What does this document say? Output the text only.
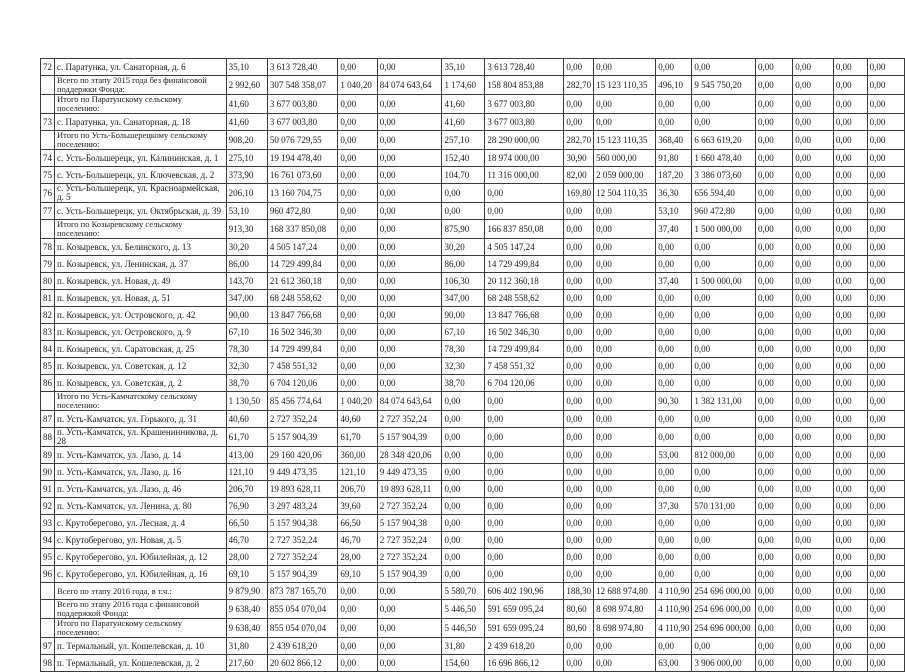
72	с. Паратунка, ул. Санаторная, д. 6	35,10	3 613 728,40	0,00	0,00	35,10	3 613 728,40	0,00	0,00	0,00	0,00	0,00	0,00	0,00	0,00
	Всего по этапу 2015 года без финансовой поддержки Фонда:	2 992,60	307 548 358,07	1 040,20	84 074 643,64	1 174,60	158 804 853,88	282,70	15 123 110,35	496,10	9 545 750,20	0,00	0,00	0,00	0,00
	Итого по Паратунскому сельскому поселению:	41,60	3 677 003,80	0,00	0,00	41,60	3 677 003,80	0,00	0,00	0,00	0,00	0,00	0,00	0,00	0,00
73	с. Паратунка, ул. Санаторная, д. 18	41,60	3 677 003,80	0,00	0,00	41,60	3 677 003,80	0,00	0,00	0,00	0,00	0,00	0,00	0,00	0,00
	Итого по Усть-Большерецкому сельскому поселению:	908,20	50 076 729,55	0,00	0,00	257,10	28 290 000,00	282,70	15 123 110,35	368,40	6 663 619,20	0,00	0,00	0,00	0,00
74	с. Усть-Большерецк, ул. Калининская, д. 1	275,10	19 194 478,40	0,00	0,00	152,40	18 974 000,00	30,90	560 000,00	91,80	1 660 478,40	0,00	0,00	0,00	0,00
75	с. Усть-Большерецк, ул. Ключевская, д. 2	373,90	16 761 073,60	0,00	0,00	104,70	11 316 000,00	82,00	2 059 000,00	187,20	3 386 073,60	0,00	0,00	0,00	0,00
76	с. Усть-Большерецк, ул. Красноармейская, д. 5	206,10	13 160 704,75	0,00	0,00	0,00	0,00	169,80	12 504 110,35	36,30	656 594,40	0,00	0,00	0,00	0,00
77	с. Усть-Большерецк, ул. Октябрьская, д. 39	53,10	960 472,80	0,00	0,00	0,00	0,00	0,00	0,00	53,10	960 472,80	0,00	0,00	0,00	0,00
	Итого по Козыревскому сельскому поселению:	913,30	168 337 850,08	0,00	0,00	875,90	166 837 850,08	0,00	0,00	37,40	1 500 000,00	0,00	0,00	0,00	0,00
78	п. Козыревск, ул. Белинского, д. 13	30,20	4 505 147,24	0,00	0,00	30,20	4 505 147,24	0,00	0,00	0,00	0,00	0,00	0,00	0,00	0,00
79	п. Козыревск, ул. Ленинская, д. 37	86,00	14 729 499,84	0,00	0,00	86,00	14 729 499,84	0,00	0,00	0,00	0,00	0,00	0,00	0,00	0,00
80	п. Козыревск, ул. Новая, д. 49	143,70	21 612 360,18	0,00	0,00	106,30	20 112 360,18	0,00	0,00	37,40	1 500 000,00	0,00	0,00	0,00	0,00
81	п. Козыревск, ул. Новая, д. 51	347,00	68 248 558,62	0,00	0,00	347,00	68 248 558,62	0,00	0,00	0,00	0,00	0,00	0,00	0,00	0,00
82	п. Козыревск, ул. Островского, д. 42	90,00	13 847 766,68	0,00	0,00	90,00	13 847 766,68	0,00	0,00	0,00	0,00	0,00	0,00	0,00	0,00
83	п. Козыревск, ул. Островского, д. 9	67,10	16 502 346,30	0,00	0,00	67,10	16 502 346,30	0,00	0,00	0,00	0,00	0,00	0,00	0,00	0,00
84	п. Козыревск, ул. Саратовская, д. 25	78,30	14 729 499,84	0,00	0,00	78,30	14 729 499,84	0,00	0,00	0,00	0,00	0,00	0,00	0,00	0,00
85	п. Козыревск, ул. Советская, д. 12	32,30	7 458 551,32	0,00	0,00	32,30	7 458 551,32	0,00	0,00	0,00	0,00	0,00	0,00	0,00	0,00
86	п. Козыревск, ул. Советская, д. 2	38,70	6 704 120,06	0,00	0,00	38,70	6 704 120,06	0,00	0,00	0,00	0,00	0,00	0,00	0,00	0,00
	Итого по Усть-Камчатскому сельскому поселению:	1 130,50	85 456 774,64	1 040,20	84 074 643,64	0,00	0,00	0,00	0,00	90,30	1 382 131,00	0,00	0,00	0,00	0,00
87	п. Усть-Камчатск, ул. Горького, д. 31	40,60	2 727 352,24	40,60	2 727 352,24	0,00	0,00	0,00	0,00	0,00	0,00	0,00	0,00	0,00	0,00
88	п. Усть-Камчатск, ул. Крашенинникова, д. 28	61,70	5 157 904,39	61,70	5 157 904,39	0,00	0,00	0,00	0,00	0,00	0,00	0,00	0,00	0,00	0,00
89	п. Усть-Камчатск, ул. Лазо, д. 14	413,00	29 160 420,06	360,00	28 348 420,06	0,00	0,00	0,00	0,00	53,00	812 000,00	0,00	0,00	0,00	0,00
90	п. Усть-Камчатск, ул. Лазо, д. 16	121,10	9 449 473,35	121,10	9 449 473,35	0,00	0,00	0,00	0,00	0,00	0,00	0,00	0,00	0,00	0,00
91	п. Усть-Камчатск, ул. Лазо, д. 46	206,70	19 893 628,11	206,70	19 893 628,11	0,00	0,00	0,00	0,00	0,00	0,00	0,00	0,00	0,00	0,00
92	п. Усть-Камчатск, ул. Ленина, д. 80	76,90	3 297 483,24	39,60	2 727 352,24	0,00	0,00	0,00	0,00	37,30	570 131,00	0,00	0,00	0,00	0,00
93	с. Крутоберегово, ул. Лесная, д. 4	66,50	5 157 904,38	66,50	5 157 904,38	0,00	0,00	0,00	0,00	0,00	0,00	0,00	0,00	0,00	0,00
94	с. Крутоберегово, ул. Новая, д. 5	46,70	2 727 352,24	46,70	2 727 352,24	0,00	0,00	0,00	0,00	0,00	0,00	0,00	0,00	0,00	0,00
95	с. Крутоберегово, ул. Юбилейная, д. 12	28,00	2 727 352,24	28,00	2 727 352,24	0,00	0,00	0,00	0,00	0,00	0,00	0,00	0,00	0,00	0,00
96	с. Крутоберегово, ул. Юбилейная, д. 16	69,10	5 157 904,39	69,10	5 157 904,39	0,00	0,00	0,00	0,00	0,00	0,00	0,00	0,00	0,00	0,00
	Всего по этапу 2016 года, в т.ч.:	9 879,90	873 787 165,70	0,00	0,00	5 580,70	606 402 190,96	188,30	12 688 974,80	4 110,90	254 696 000,00	0,00	0,00	0,00	0,00
	Всего по этапу 2016 года с финансовой поддержкой Фонда:	9 638,40	855 054 070,04	0,00	0,00	5 446,50	591 659 095,24	80,60	8 698 974,80	4 110,90	254 696 000,00	0,00	0,00	0,00	0,00
	Итого по Паратунскому сельскому поселению:	9 638,40	855 054 070,04	0,00	0,00	5 446,50	591 659 095,24	80,60	8 698 974,80	4 110,90	254 696 000,00	0,00	0,00	0,00	0,00
97	п. Термальный, ул. Кошелевская, д. 10	31,80	2 439 618,20	0,00	0,00	31,80	2 439 618,20	0,00	0,00	0,00	0,00	0,00	0,00	0,00	0,00
98	п. Термальный, ул. Кошелевская, д. 2	217,60	20 602 866,12	0,00	0,00	154,60	16 696 866,12	0,00	0,00	63,00	3 906 000,00	0,00	0,00	0,00	0,00
